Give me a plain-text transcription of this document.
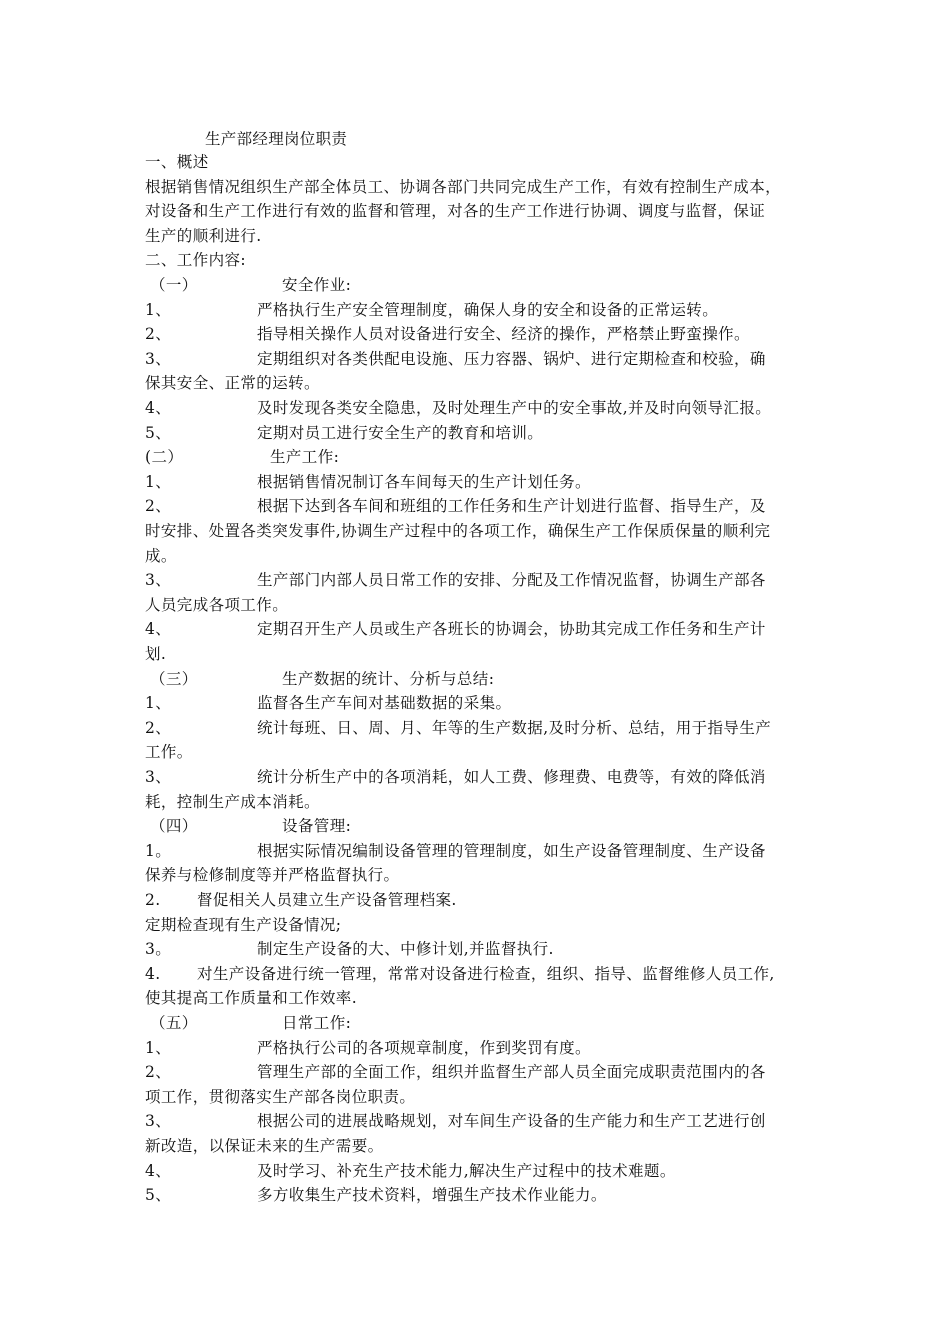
生产部经理岗位职责
一、概述
根据销售情况组织生产部全体员工、协调各部门共同完成生产工作，有效有控制生产成本，
对设备和生产工作进行有效的监督和管理，对各的生产工作进行协调、调度与监督，保证
生产的顺利进行.
二、工作内容:
（一）	安全作业:
1、	严格执行生产安全管理制度，确保人身的安全和设备的正常运转。
2、	指导相关操作人员对设备进行安全、经济的操作，严格禁止野蛮操作。
3、	定期组织对各类供配电设施、压力容器、锅炉、进行定期检查和校验，确
保其安全、正常的运转。
4、	及时发现各类安全隐患，及时处理生产中的安全事故,并及时向领导汇报。
5、	定期对员工进行安全生产的教育和培训。
(二）	生产工作:
1、	根据销售情况制订各车间每天的生产计划任务。
2、	根据下达到各车间和班组的工作任务和生产计划进行监督、指导生产，及
时安排、处置各类突发事件,协调生产过程中的各项工作，确保生产工作保质保量的顺利完
成。
3、	生产部门内部人员日常工作的安排、分配及工作情况监督，协调生产部各
人员完成各项工作。
4、	定期召开生产人员或生产各班长的协调会，协助其完成工作任务和生产计
划.
（三）	生产数据的统计、分析与总结:
1、	监督各生产车间对基础数据的采集。
2、	统计每班、日、周、月、年等的生产数据,及时分析、总结，用于指导生产
工作。
3、	统计分析生产中的各项消耗，如人工费、修理费、电费等，有效的降低消
耗，控制生产成本消耗。
（四）	设备管理:
1。	根据实际情况编制设备管理的管理制度，如生产设备管理制度、生产设备
保养与检修制度等并严格监督执行。
2. 督促相关人员建立生产设备管理档案.
定期检查现有生产设备情况;
3。	制定生产设备的大、中修计划,并监督执行.
4. 对生产设备进行统一管理，常常对设备进行检查，组织、指导、监督维修人员工作,
使其提高工作质量和工作效率.
（五）	日常工作:
1、	严格执行公司的各项规章制度，作到奖罚有度。
2、	管理生产部的全面工作，组织并监督生产部人员全面完成职责范围内的各
项工作，贯彻落实生产部各岗位职责。
3、	根据公司的进展战略规划，对车间生产设备的生产能力和生产工艺进行创
新改造，以保证未来的生产需要。
4、	及时学习、补充生产技术能力,解决生产过程中的技术难题。
5、	多方收集生产技术资料，增强生产技术作业能力。
